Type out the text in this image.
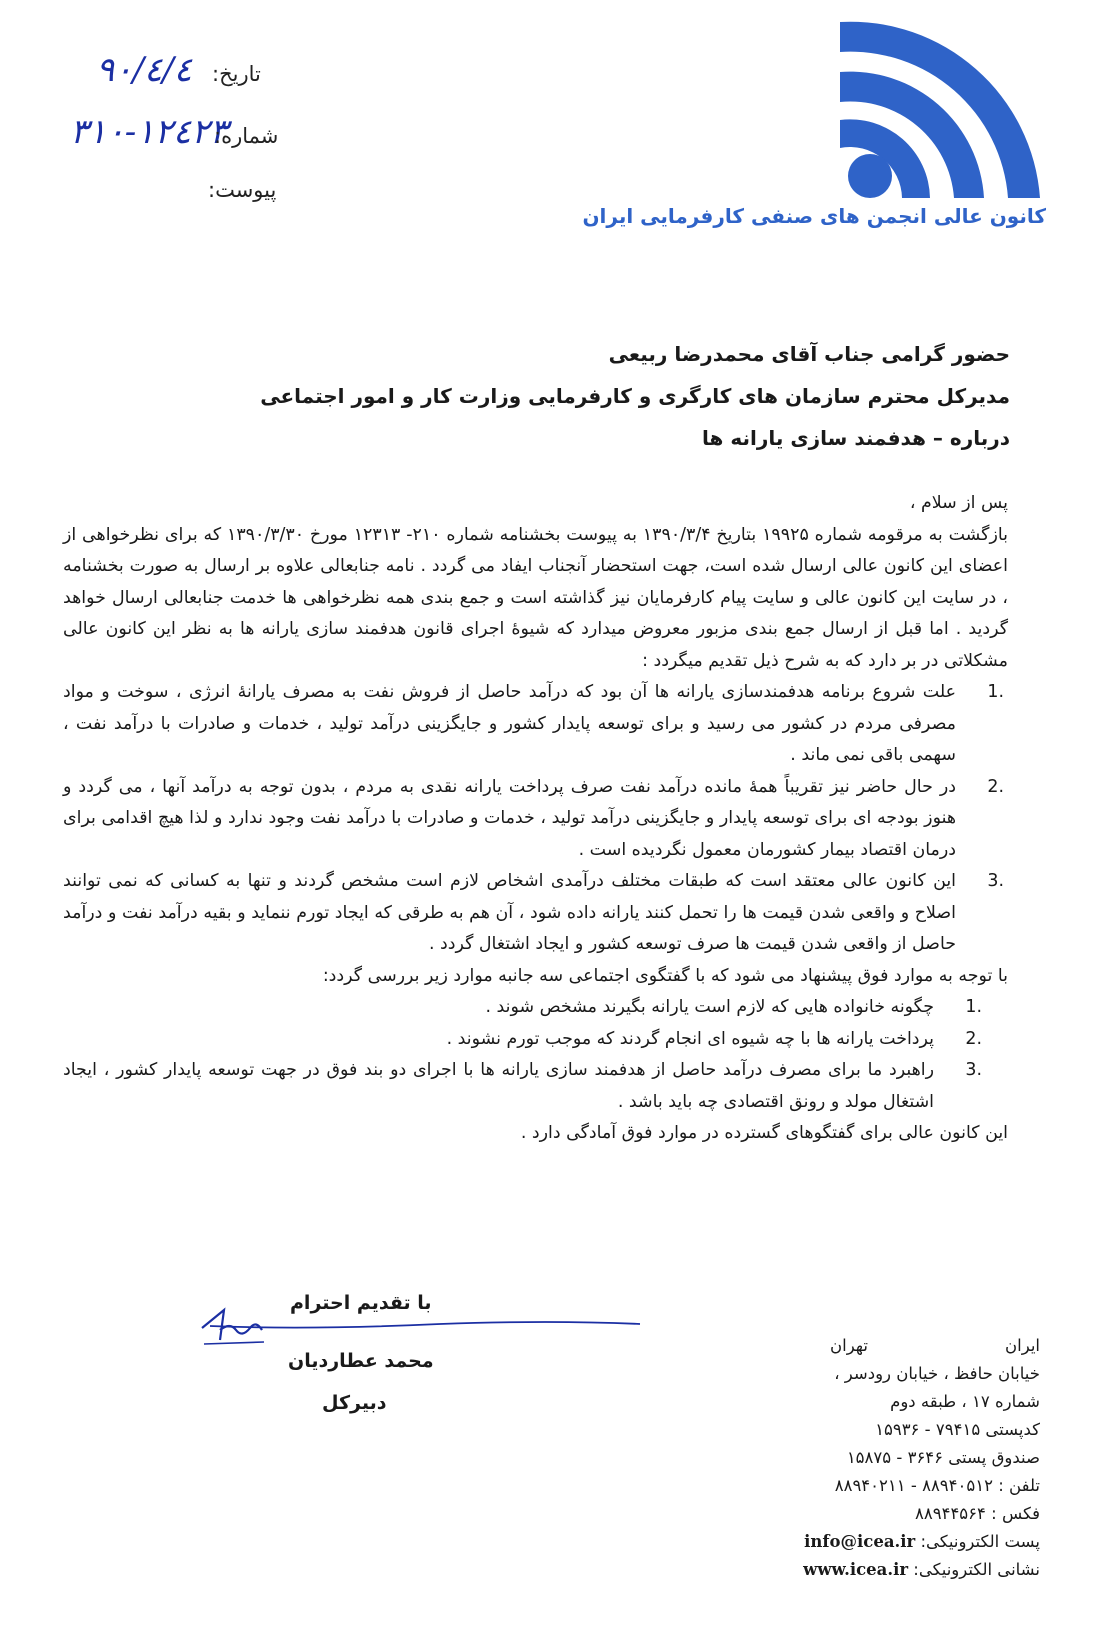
٩٠/٤/٤ تاریخ:
١٢٤٢٣-٣١٠
شماره:
پیوست:
کانون عالی انجمن های صنفی کارفرمایی ایران
حضور گرامی جناب آقای محمدرضا ربیعی
مدیرکل محترم سازمان های کارگری و کارفرمایی وزارت کار و امور اجتماعی
درباره – هدفمند سازی یارانه ها

پس از سلام ،

بازگشت به مرقومه شماره ۱۹۹۲۵ بتاریخ ۱۳۹۰/۳/۴ به پیوست بخشنامه شماره ۲۱۰- ۱۲۳۱۳ مورخ ۱۳۹۰/۳/۳۰ که برای نظرخواهی از اعضای این کانون عالی ارسال شده است، جهت استحضار آنجناب ایفاد می گردد . نامه جنابعالی علاوه بر ارسال به صورت بخشنامه ، در سایت این کانون عالی و سایت پیام کارفرمایان نیز گذاشته است و جمع بندی همه نظرخواهی ها خدمت جنابعالی ارسال خواهد گردید . اما قبل از ارسال جمع بندی مزبور معروض میدارد که شیوهٔ اجرای قانون هدفمند سازی یارانه ها به نظر این کانون عالی مشکلاتی در بر دارد که به شرح ذیل تقدیم میگردد :

.1

علت شروع برنامه هدفمندسازی یارانه ها آن بود که درآمد حاصل از فروش نفت به مصرف یارانهٔ انرژی ، سوخت و مواد مصرفی مردم در کشور می رسید و برای توسعه پایدار کشور و جایگزینی درآمد تولید ، خدمات و صادرات با درآمد نفت ، سهمی باقی نمی ماند .

.2

در حال حاضر نیز تقریباً همهٔ مانده درآمد نفت صرف پرداخت یارانه نقدی به مردم ، بدون توجه به درآمد آنها ، می گردد و هنوز بودجه ای برای توسعه پایدار و جایگزینی درآمد تولید ، خدمات و صادرات با درآمد نفت وجود ندارد و لذا هیچ اقدامی برای درمان اقتصاد بیمار کشورمان معمول نگردیده است .

.3

این کانون عالی معتقد است که طبقات مختلف درآمدی اشخاص لازم است مشخص گردند و تنها به کسانی که نمی توانند اصلاح و واقعی شدن قیمت ها را تحمل کنند یارانه داده شود ، آن هم به طرقی که ایجاد تورم ننماید و بقیه درآمد نفت و درآمد حاصل از واقعی شدن قیمت ها صرف توسعه کشور و ایجاد اشتغال گردد .

با توجه به موارد فوق پیشنهاد می شود که با گفتگوی اجتماعی سه جانبه موارد زیر بررسی گردد:

.1

چگونه خانواده هایی که لازم است یارانه بگیرند مشخص شوند .

.2

پرداخت یارانه ها با چه شیوه ای انجام گردند که موجب تورم نشوند .

.3

راهبرد ما برای مصرف درآمد حاصل از هدفمند سازی یارانه ها با اجرای دو بند فوق در جهت توسعه پایدار کشور ، ایجاد اشتغال مولد و رونق اقتصادی چه باید باشد .

این کانون عالی برای گفتگوهای گسترده در موارد فوق آمادگی دارد .

با تقدیم احترام
محمد عطاردیان
دبیرکل
ایران
تهران
خیابان حافظ ، خیابان رودسر ،
شماره ۱۷ ، طبقه دوم
کدپستی ۷۹۴۱۵ - ۱۵۹۳۶
صندوق پستی ۳۶۴۶ - ۱۵۸۷۵
تلفن : ۸۸۹۴۰۵۱۲ - ۸۸۹۴۰۲۱۱
فکس : ۸۸۹۴۴۵۶۴
پست الکترونیکی: info@icea.ir
نشانی الکترونیکی: www.icea.ir
